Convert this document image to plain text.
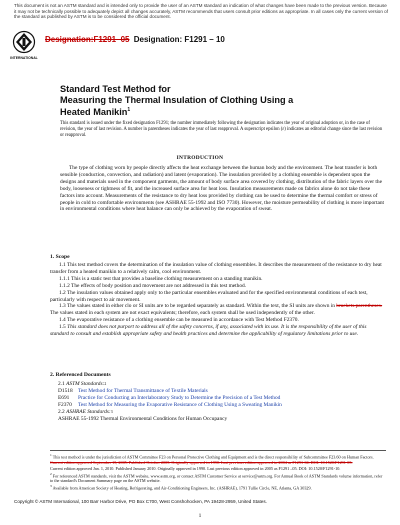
This document is not an ASTM standard and is intended only to provide the user of an ASTM standard an indication of what changes have been made to the previous version. Because it may not be technically possible to adequately depict all changes accurately, ASTM recommends that users consult prior editions as appropriate. In all cases only the current version of the standard as published by ASTM is to be considered the official document.
INTERNATIONAL
Designation:F1291–05 Designation: F1291 – 10
Standard Test Method for
Measuring the Thermal Insulation of Clothing Using a
Heated Manikin$^1$
This standard is issued under the fixed designation F1291; the number immediately following the designation indicates the year of original adoption or, in the case of revision, the year of last revision. A number in parentheses indicates the year of last reapproval. A superscript epsilon (ε) indicates an editorial change since the last revision or reapproval.
INTRODUCTION
The type of clothing worn by people directly affects the heat exchange between the human body and the environment. The heat transfer is both sensible (conduction, convection, and radiation) and latent (evaporation). The insulation provided by a clothing ensemble is dependent upon the designs and materials used in the component garments, the amount of body surface area covered by clothing, distribution of the fabric layers over the body, looseness or tightness of fit, and the increased surface area for heat loss. Insulation measurements made on fabrics alone do not take these factors into account. Measurements of the resistance to dry heat loss provided by clothing can be used to determine the thermal comfort or stress of people in cold to comfortable environments (see ASHRAE 55-1992 and ISO 7730). However, the moisture permeability of clothing is more important in environmental conditions where heat balance can only be achieved by the evaporation of sweat.
1. Scope

1.1 This test method covers the determination of the insulation value of clothing ensembles. It describes the measurement of the resistance to dry heat transfer from a heated manikin to a relatively calm, cool environment.

1.1.1 This is a static test that provides a baseline clothing measurement on a standing manikin.

1.1.2 The effects of body position and movement are not addressed in this test method.

1.2 The insulation values obtained apply only to the particular ensembles evaluated and for the specified environmental conditions of each test, particularly with respect to air movement.

1.3 The values stated in either clo or SI units are to be regarded separately as standard. Within the text, the SI units are shown in brackets.parentheses. The values stated in each system are not exact equivalents; therefore, each system shall be used independently of the other.

1.4 The evaporative resistance of a clothing ensemble can be measured in accordance with Test Method F2370.

1.5 This standard does not purport to address all of the safety concerns, if any, associated with its use. It is the responsibility of the user of this standard to consult and establish appropriate safety and health practices and determine the applicability of regulatory limitations prior to use.

2. Referenced Documents
2.1
ASTM Standards: 2
D1518 Test Method for Thermal Transmittance of Textile Materials
E691	Practice for Conducting an Interlaboratory Study to Determine the Precision of a Test Method
F2370	Test Method for Measuring the Evaporative Resistance of Clothing Using a Sweating Manikin
2.2
ASHRAE Standards: 3
ASHRAE 55-1992 Thermal Environmental Conditions for Human Occupancy

$^1$ This test method is under the jurisdiction of ASTM Committee F23 on Personal Protective Clothing and Equipment and is the direct responsibility of Subcommittee F23.60 on Human Factors.

Current edition approved September 15, 2005. Published October 2005. Originally approved in 1990. Last previous edition approved in 2004 as F1291-04. DOI: 10.1520/F1291-05.

Current edition approved Jan. 1, 2010. Published January 2010. Originally approved in 1990. Last previous edition approved in 2005 as F1291 –05. DOI: 10.1520/F1291-10.

$^2$ For referenced ASTM standards, visit the ASTM website, www.astm.org, or contact ASTM Customer Service at service@astm.org. For Annual Book of ASTM Standards volume information, refer to the standard's Document Summary page on the ASTM website.

$^3$ Available from American Society of Heating, Refrigerating, and Air-Conditioning Engineers, Inc. (ASHRAE), 1791 Tullie Circle, NE, Atlanta, GA 30329.

Copyright © ASTM International, 100 Barr Harbor Drive, PO Box C700, West Conshohocken, PA 19428-2959, United States.
1
